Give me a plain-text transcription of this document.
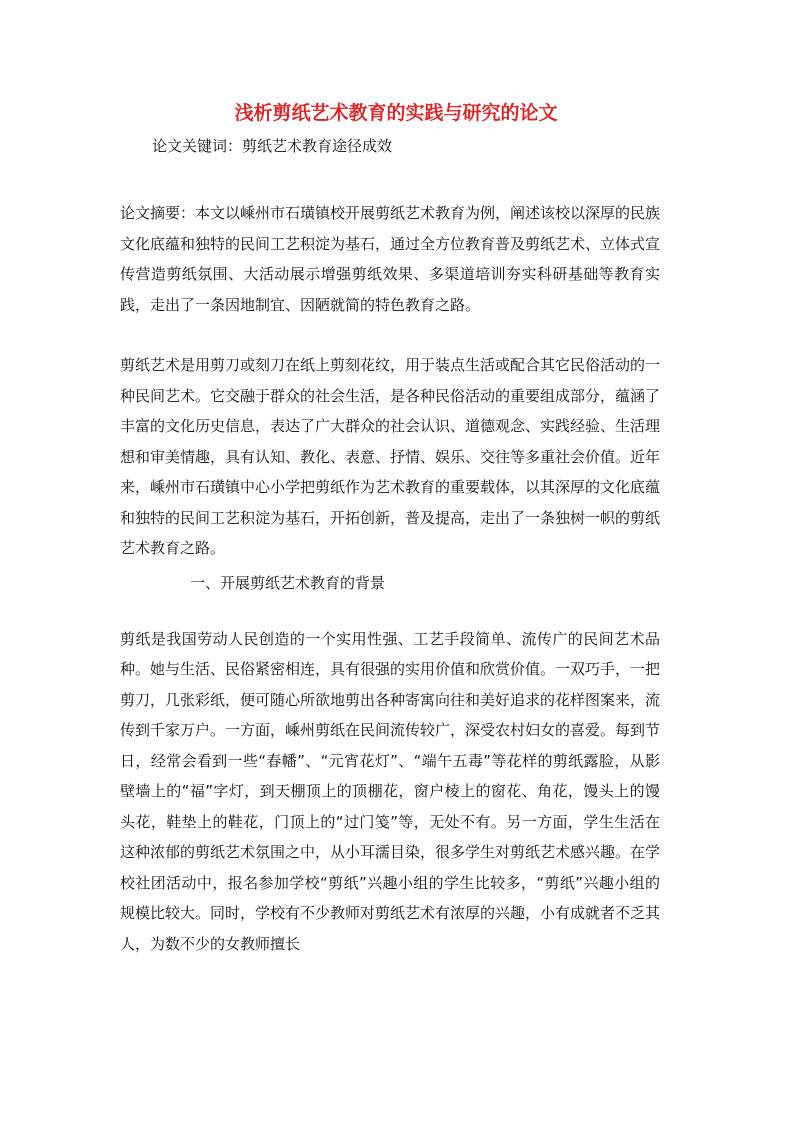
浅析剪纸艺术教育的实践与研究的论文
论文关键词：剪纸艺术教育途径成效

论文摘要：本文以嵊州市石璜镇校开展剪纸艺术教育为例，阐述该校以深厚的民族文化底蕴和独特的民间工艺积淀为基石，通过全方位教育普及剪纸艺术、立体式宣传营造剪纸氛围、大活动展示增强剪纸效果、多渠道培训夯实科研基础等教育实践，走出了一条因地制宜、因陋就简的特色教育之路。

剪纸艺术是用剪刀或刻刀在纸上剪刻花纹，用于装点生活或配合其它民俗活动的一种民间艺术。它交融于群众的社会生活，是各种民俗活动的重要组成部分，蕴涵了丰富的文化历史信息，表达了广大群众的社会认识、道德观念、实践经验、生活理想和审美情趣，具有认知、教化、表意、抒情、娱乐、交往等多重社会价值。近年来，嵊州市石璜镇中心小学把剪纸作为艺术教育的重要载体，以其深厚的文化底蕴和独特的民间工艺积淀为基石，开拓创新，普及提高，走出了一条独树一帜的剪纸艺术教育之路。

一、开展剪纸艺术教育的背景

剪纸是我国劳动人民创造的一个实用性强、工艺手段简单、流传广的民间艺术品种。她与生活、民俗紧密相连，具有很强的实用价值和欣赏价值。一双巧手，一把剪刀，几张彩纸，便可随心所欲地剪出各种寄寓向往和美好追求的花样图案来，流传到千家万户。一方面，嵊州剪纸在民间流传较广，深受农村妇女的喜爱。每到节日，经常会看到一些“春幡”、“元宵花灯”、“端午五毒”等花样的剪纸露脸，从影壁墙上的“福”字灯，到天棚顶上的顶棚花，窗户棱上的窗花、角花，馒头上的馒头花，鞋垫上的鞋花，门顶上的“过门笺”等，无处不有。另一方面，学生生活在这种浓郁的剪纸艺术氛围之中，从小耳濡目染，很多学生对剪纸艺术感兴趣。在学校社团活动中，报名参加学校“剪纸”兴趣小组的学生比较多，“剪纸”兴趣小组的规模比较大。同时，学校有不少教师对剪纸艺术有浓厚的兴趣，小有成就者不乏其人，为数不少的女教师擅长
